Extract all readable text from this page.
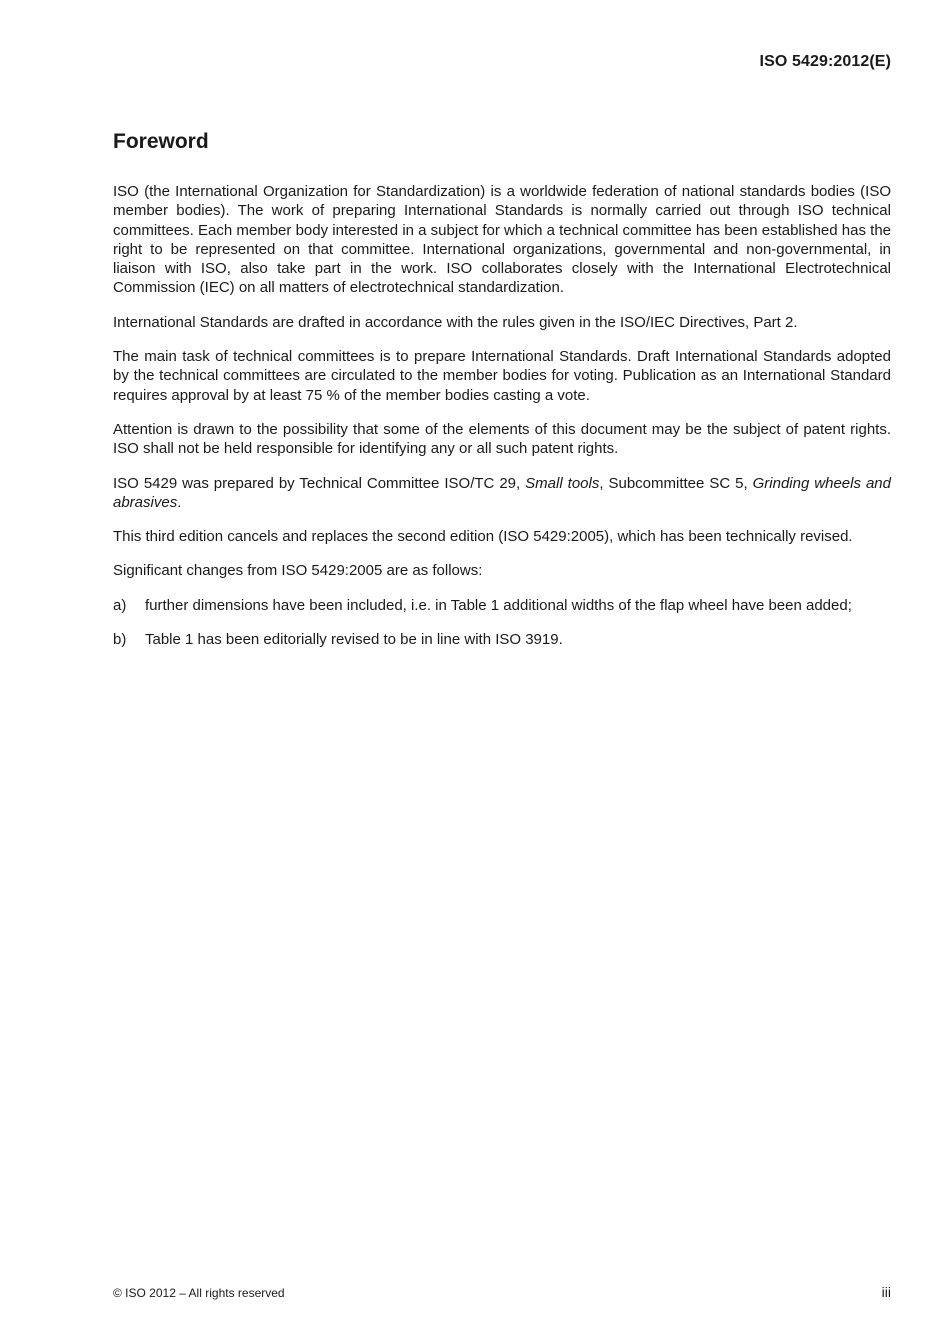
ISO 5429:2012(E)
Foreword

ISO (the International Organization for Standardization) is a worldwide federation of national standards bodies (ISO member bodies). The work of preparing International Standards is normally carried out through ISO technical committees. Each member body interested in a subject for which a technical committee has been established has the right to be represented on that committee. International organizations, governmental and non-governmental, in liaison with ISO, also take part in the work. ISO collaborates closely with the International Electrotechnical Commission (IEC) on all matters of electrotechnical standardization.

International Standards are drafted in accordance with the rules given in the ISO/IEC Directives, Part 2.

The main task of technical committees is to prepare International Standards. Draft International Standards adopted by the technical committees are circulated to the member bodies for voting. Publication as an International Standard requires approval by at least 75 % of the member bodies casting a vote.

Attention is drawn to the possibility that some of the elements of this document may be the subject of patent rights. ISO shall not be held responsible for identifying any or all such patent rights.

ISO 5429 was prepared by Technical Committee ISO/TC 29, Small tools, Subcommittee SC 5, Grinding wheels and abrasives.

This third edition cancels and replaces the second edition (ISO 5429:2005), which has been technically revised.

Significant changes from ISO 5429:2005 are as follows:

a)	further dimensions have been included, i.e. in Table 1 additional widths of the flap wheel have been added;
b)	Table 1 has been editorially revised to be in line with ISO 3919.
© ISO 2012 – All rights reserved	iii
